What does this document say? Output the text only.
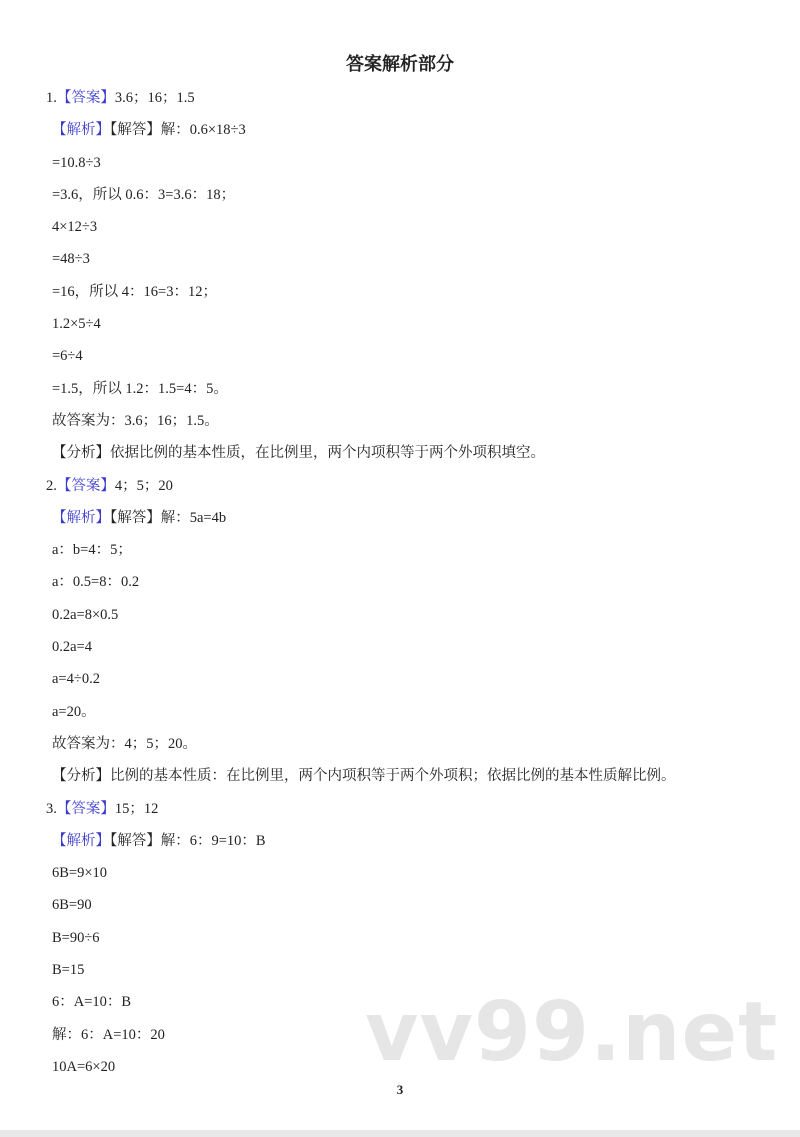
答案解析部分
1.【答案】3.6；16；1.5
【解析】【解答】解：0.6×18÷3
=10.8÷3
=3.6，所以 0.6：3=3.6：18；
4×12÷3
=48÷3
=16，所以 4：16=3：12；
1.2×5÷4
=6÷4
=1.5，所以 1.2：1.5=4：5。
故答案为：3.6；16；1.5。
【分析】依据比例的基本性质，在比例里，两个内项积等于两个外项积填空。
2.【答案】4；5；20
【解析】【解答】解：5a=4b
a：b=4：5；
a：0.5=8：0.2
0.2a=8×0.5
0.2a=4
a=4÷0.2
a=20。
故答案为：4；5；20。
【分析】比例的基本性质：在比例里，两个内项积等于两个外项积；依据比例的基本性质解比例。
3.【答案】15；12
【解析】【解答】解：6：9=10：B
6B=9×10
6B=90
B=90÷6
B=15
6：A=10：B
解：6：A=10：20
10A=6×20	vv99.net
3
